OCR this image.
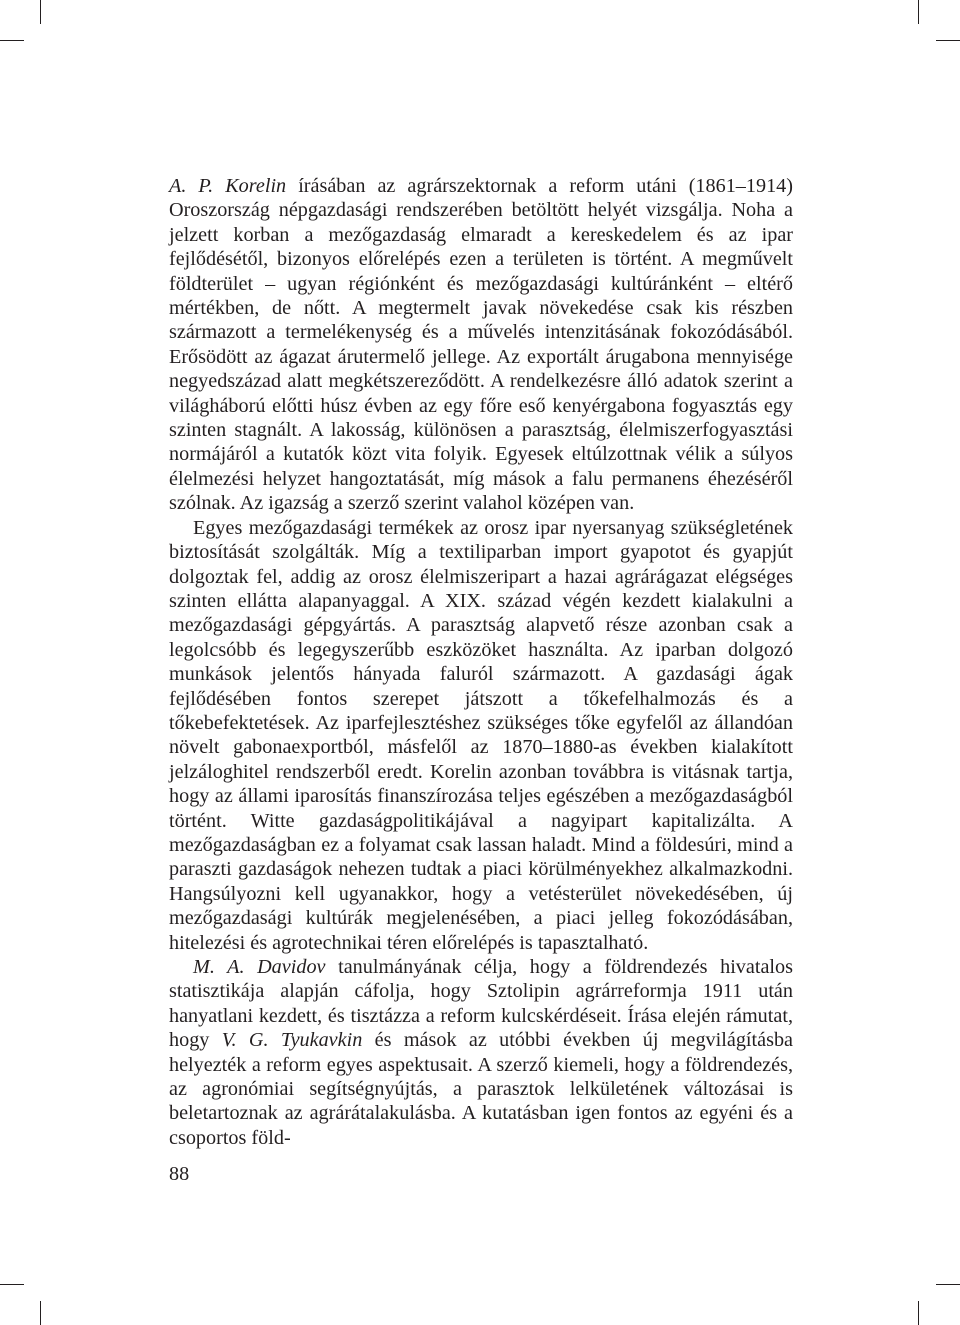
A. P. Korelin írásában az agrárszektornak a reform utáni (1861–1914) Oroszország népgazdasági rendszerében betöltött helyét vizsgálja. Noha a jelzett korban a mezőgazdaság elmaradt a kereskedelem és az ipar fejlődésétől, bizonyos előrelépés ezen a területen is történt. A megművelt földterület – ugyan régiónként és mezőgazdasági kultúránként – eltérő mértékben, de nőtt. A megtermelt javak növekedése csak kis részben származott a termelékenység és a művelés intenzitásának fokozódásából. Erősödött az ágazat árutermelő jellege. Az exportált árugabona mennyisége negyedszázad alatt megkétszereződött. A rendelkezésre álló adatok szerint a világháború előtti húsz évben az egy főre eső kenyérgabona fogyasztás egy szinten stagnált. A lakosság, különösen a parasztság, élelmiszerfogyasztási normájáról a kutatók közt vita folyik. Egyesek eltúlzottnak vélik a súlyos élelmezési helyzet hangoztatását, míg mások a falu permanens éhezéséről szólnak. Az igazság a szerző szerint valahol középen van.

Egyes mezőgazdasági termékek az orosz ipar nyersanyag szükségletének biztosítását szolgálták. Míg a textiliparban import gyapotot és gyapjút dolgoztak fel, addig az orosz élelmiszeripart a hazai agrárágazat elégséges szinten ellátta alapanyaggal. A XIX. század végén kezdett kialakulni a mezőgazdasági gépgyártás. A parasztság alapvető része azonban csak a legolcsóbb és legegyszerűbb eszközöket használta. Az iparban dolgozó munkások jelentős hányada faluról származott. A gazdasági ágak fejlődésében fontos szerepet játszott a tőkefelhalmozás és a tőkebefektetések. Az iparfejlesztéshez szükséges tőke egyfelől az állandóan növelt gabonaexportból, másfelől az 1870–1880-as években kialakított jelzáloghitel rendszerből eredt. Korelin azonban továbbra is vitásnak tartja, hogy az állami iparosítás finanszírozása teljes egészében a mezőgazdaságból történt. Witte gazdaságpolitikájával a nagyipart kapitalizálta. A mezőgazdaságban ez a folyamat csak lassan haladt. Mind a földesúri, mind a paraszti gazdaságok nehezen tudtak a piaci körülményekhez alkalmazkodni. Hangsúlyozni kell ugyanakkor, hogy a vetésterület növekedésében, új mezőgazdasági kultúrák megjelenésében, a piaci jelleg fokozódásában, hitelezési és agrotechnikai téren előrelépés is tapasztalható.

M. A. Davidov tanulmányának célja, hogy a földrendezés hivatalos statisztikája alapján cáfolja, hogy Sztolipin agrárreformja 1911 után hanyatlani kezdett, és tisztázza a reform kulcskérdéseit. Írása elején rámutat, hogy V. G. Tyukavkin és mások az utóbbi években új megvilágításba helyezték a reform egyes aspektusait. A szerző kiemeli, hogy a földrendezés, az agronómiai segítségnyújtás, a parasztok lelkületének változásai is beletartoznak az agrárátalakulásba. A kutatásban igen fontos az egyéni és a csoportos föld-

88
